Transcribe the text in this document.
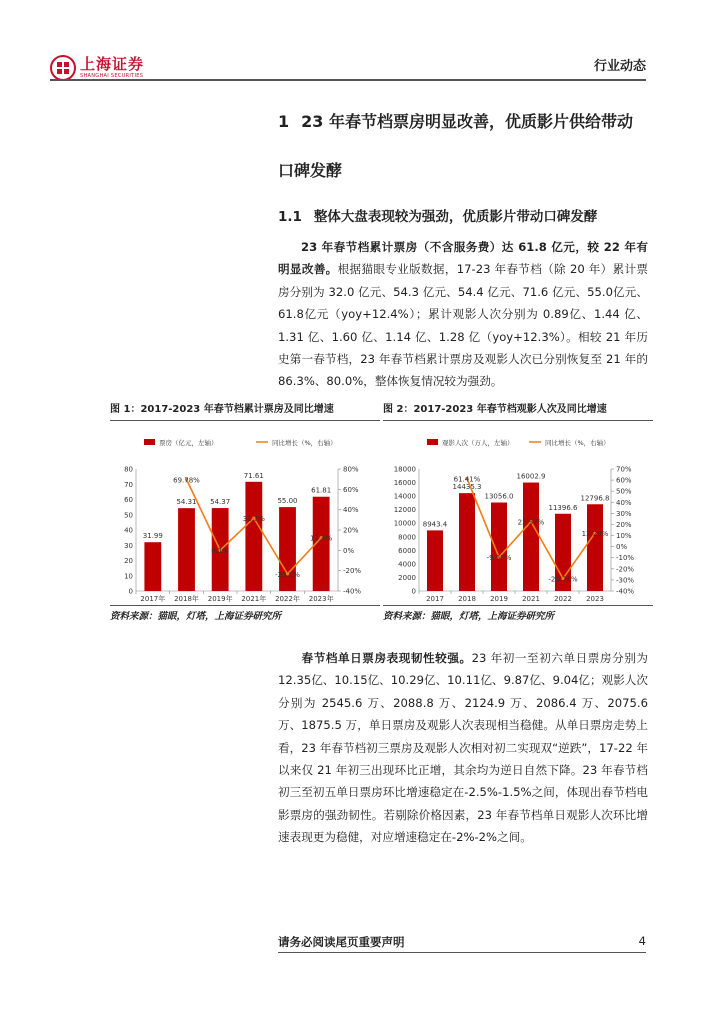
上海证券
SHANGHAI SECURITIES
行业动态
1 23 年春节档票房明显改善，优质影片供给带动口碑发酵
1.1 整体大盘表现较为强劲，优质影片带动口碑发酵

23 年春节档累计票房（不含服务费）达 61.8 亿元，较 22 年有明显改善。根据猫眼专业版数据，17-23 年春节档（除 20 年）累计票房分别为 32.0 亿元、54.3 亿元、54.4 亿元、71.6 亿元、55.0亿元、61.8亿元（yoy+12.4%）；累计观影人次分别为 0.89亿、1.44 亿、1.31 亿、1.60 亿、1.14 亿、1.28 亿（yoy+12.3%）。相较 21 年历史第一春节档，23 年春节档累计票房及观影人次已分别恢复至 21 年的 86.3%、80.0%，整体恢复情况较为强劲。

图 1：2017-2023 年春节档累计票房及同比增速
票房（亿元，左轴）	同比增长（%，右轴）
0
10
20
30
40
50
60
70
80
-40%
-20%
0%
20%
40%
60%
80%
2017年
31.99
2018年
54.31
2019年
54.37
2021年
71.61
2022年
55.00
2023年
61.81
69.78%
0.1%
31.7%
-23.2%
12.4%
资料来源：猫眼，灯塔，上海证券研究所
图 2：2017-2023 年春节档观影人次及同比增速
观影人次（万人，左轴）	同比增长（%，右轴）
0
2000
4000
6000
8000
10000
12000
14000
16000
18000
-40%
-30%
-20%
-10%
0%
10%
20%
30%
40%
50%
60%
70%
2017
8943.4
2018
14435.3
2019
13056.0
2021
16002.9
2022
11396.6
2023
12796.8
61.41%
-9.55%
22.57%
-28.78%
12.29%
资料来源：猫眼，灯塔，上海证券研究所

春节档单日票房表现韧性较强。23 年初一至初六单日票房分别为12.35亿、10.15亿、10.29亿、10.11亿、9.87亿、9.04亿；观影人次分别为 2545.6 万、2088.8 万、2124.9 万、2086.4 万、2075.6 万、1875.5 万，单日票房及观影人次表现相当稳健。从单日票房走势上看，23 年春节档初三票房及观影人次相对初二实现双“逆跌”，17-22 年以来仅 21 年初三出现环比正增，其余均为逆日自然下降。23 年春节档初三至初五单日票房环比增速稳定在-2.5%-1.5%之间，体现出春节档电影票房的强劲韧性。若剔除价格因素，23 年春节档单日观影人次环比增速表现更为稳健，对应增速稳定在-2%-2%之间。

请务必阅读尾页重要声明	4
